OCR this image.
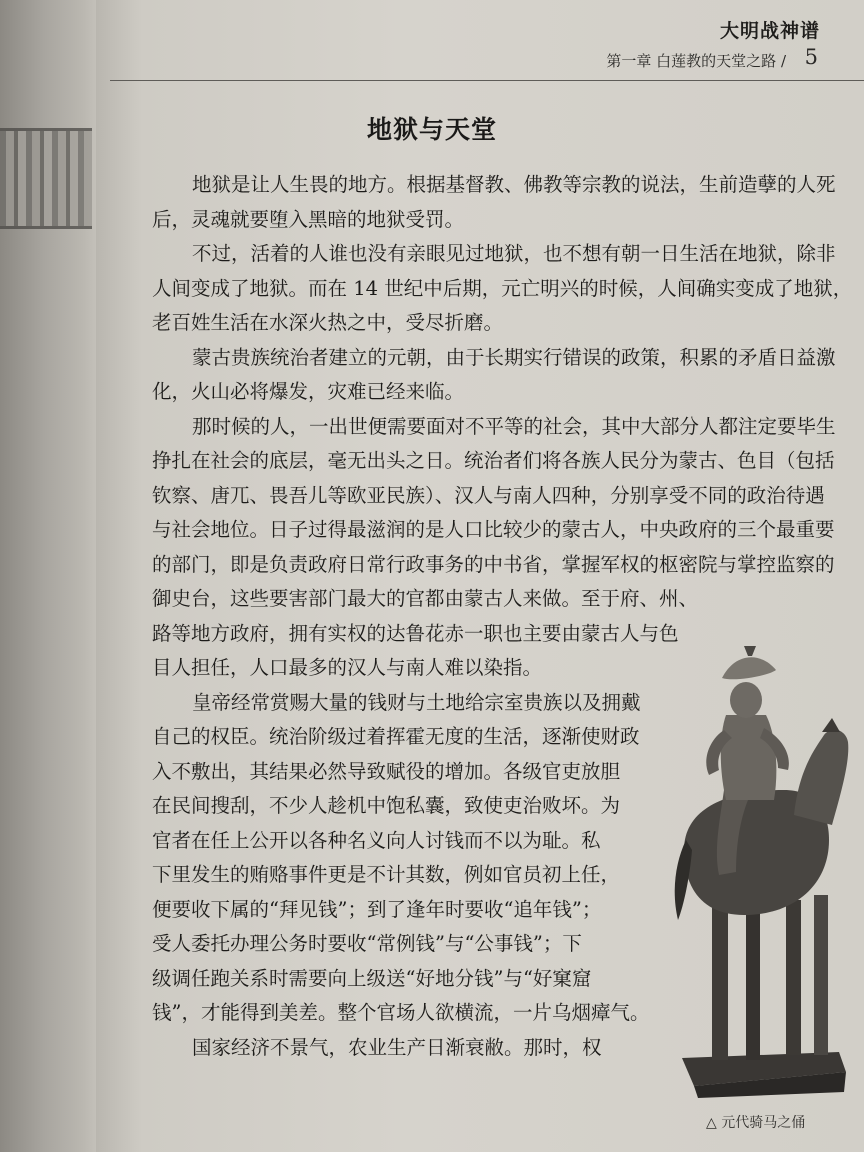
大明战神谱
第一章 白莲教的天堂之路 / 5
地狱与天堂
地狱是让人生畏的地方。根据基督教、佛教等宗教的说法，生前造孽的人死
后，灵魂就要堕入黑暗的地狱受罚。
不过，活着的人谁也没有亲眼见过地狱，也不想有朝一日生活在地狱，除非
人间变成了地狱。而在 14 世纪中后期，元亡明兴的时候，人间确实变成了地狱，
老百姓生活在水深火热之中，受尽折磨。
蒙古贵族统治者建立的元朝，由于长期实行错误的政策，积累的矛盾日益激
化，火山必将爆发，灾难已经来临。
那时候的人，一出世便需要面对不平等的社会，其中大部分人都注定要毕生
挣扎在社会的底层，毫无出头之日。统治者们将各族人民分为蒙古、色目（包括
钦察、唐兀、畏吾儿等欧亚民族）、汉人与南人四种，分别享受不同的政治待遇
与社会地位。日子过得最滋润的是人口比较少的蒙古人，中央政府的三个最重要
的部门，即是负责政府日常行政事务的中书省，掌握军权的枢密院与掌控监察的
御史台，这些要害部门最大的官都由蒙古人来做。至于府、州、
路等地方政府，拥有实权的达鲁花赤一职也主要由蒙古人与色
目人担任，人口最多的汉人与南人难以染指。
皇帝经常赏赐大量的钱财与土地给宗室贵族以及拥戴
自己的权臣。统治阶级过着挥霍无度的生活，逐渐使财政
入不敷出，其结果必然导致赋役的增加。各级官吏放胆
在民间搜刮，不少人趁机中饱私囊，致使吏治败坏。为
官者在任上公开以各种名义向人讨钱而不以为耻。私
下里发生的贿赂事件更是不计其数，例如官员初上任，
便要收下属的“拜见钱”；到了逢年时要收“追年钱”；
受人委托办理公务时要收“常例钱”与“公事钱”；下
级调任跑关系时需要向上级送“好地分钱”与“好窠窟
钱”，才能得到美差。整个官场人欲横流，一片乌烟瘴气。
国家经济不景气，农业生产日渐衰敝。那时，权
△ 元代骑马之俑
